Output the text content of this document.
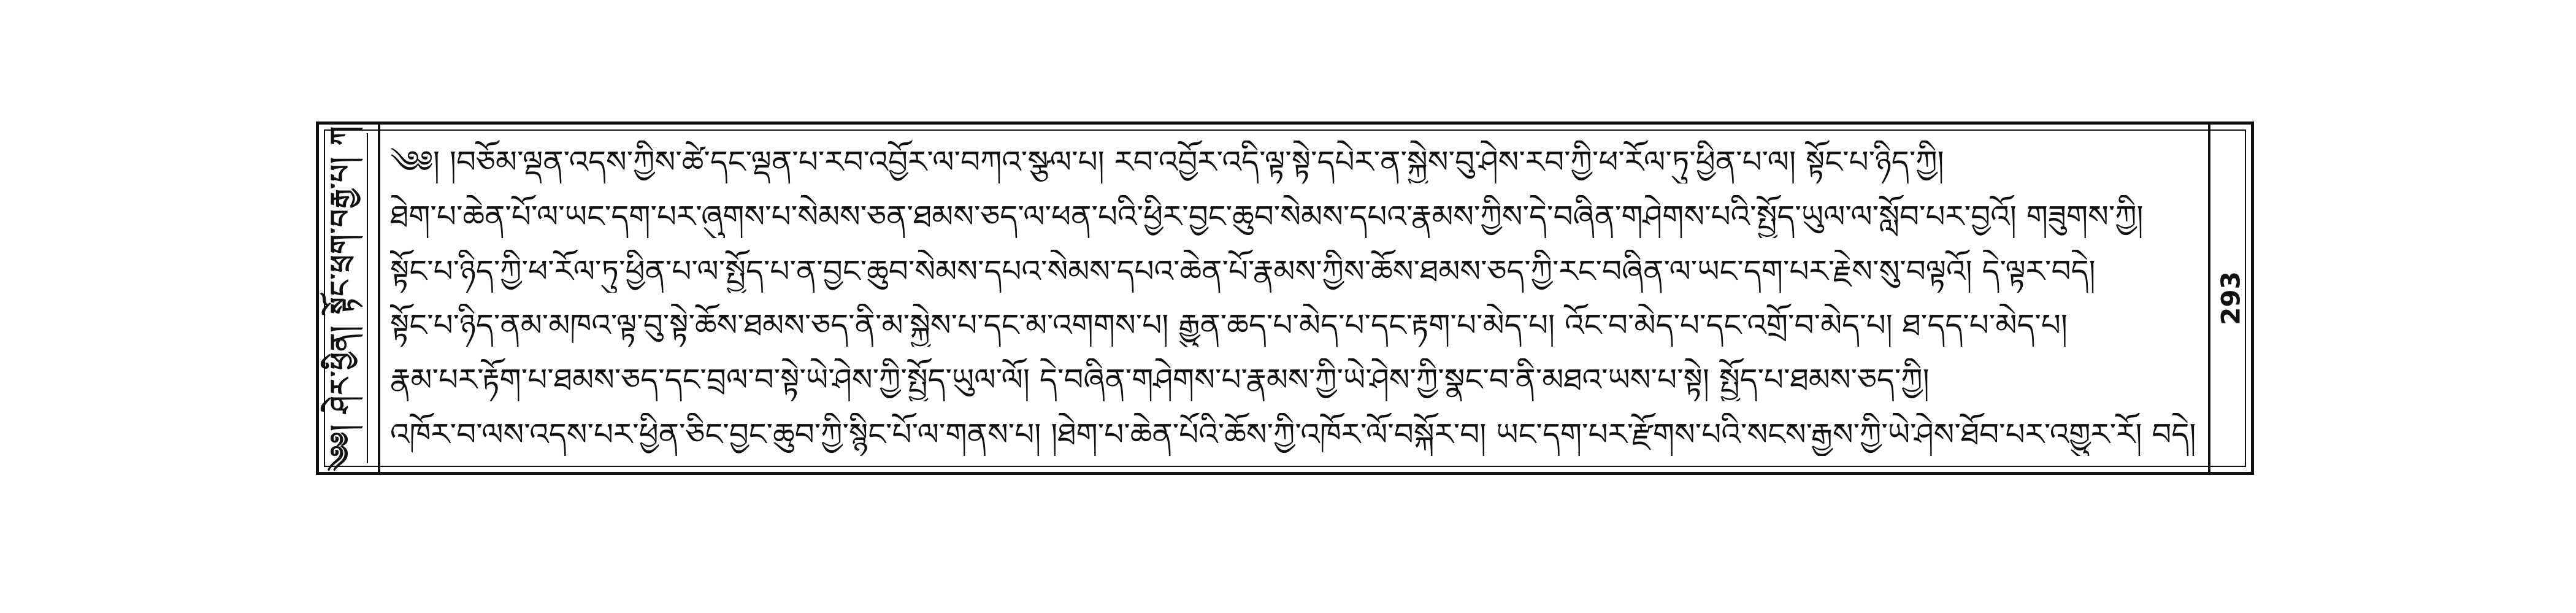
༄༅། ཤེར་ཕྱིན། སྟོང་ཕྲག་བརྒྱ་པ། ཀ	༄༅། །བཅོམ་ལྡན་འདས་ཀྱིས་ཚེ་དང་ལྡན་པ་རབ་འབྱོར་ལ་བཀའ་སྩལ་པ། རབ་འབྱོར་འདི་ལྟ་སྟེ་དཔེར་ན་སྐྱེས་བུ་ཤེས་རབ་ཀྱི་ཕ་རོལ་ཏུ་ཕྱིན་པ་ལ། སྟོང་པ་ཉིད་ཀྱི།
ཐེག་པ་ཆེན་པོ་ལ་ཡང་དག་པར་ཞུགས་པ་སེམས་ཅན་ཐམས་ཅད་ལ་ཕན་པའི་ཕྱིར་བྱང་ཆུབ་སེམས་དཔའ་རྣམས་ཀྱིས་དེ་བཞིན་གཤེགས་པའི་སྤྱོད་ཡུལ་ལ་སློབ་པར་བྱའོ། གཟུགས་ཀྱི།
སྟོང་པ་ཉིད་ཀྱི་ཕ་རོལ་ཏུ་ཕྱིན་པ་ལ་སྤྱོད་པ་ན་བྱང་ཆུབ་སེམས་དཔའ་སེམས་དཔའ་ཆེན་པོ་རྣམས་ཀྱིས་ཆོས་ཐམས་ཅད་ཀྱི་རང་བཞིན་ལ་ཡང་དག་པར་རྗེས་སུ་བལྟའོ། དེ་ལྟར་བདེ།
སྟོང་པ་ཉིད་ནམ་མཁའ་ལྟ་བུ་སྟེ་ཆོས་ཐམས་ཅད་ནི་མ་སྐྱེས་པ་དང་མ་འགགས་པ། རྒྱུན་ཆད་པ་མེད་པ་དང་རྟག་པ་མེད་པ། འོང་བ་མེད་པ་དང་འགྲོ་བ་མེད་པ། ཐ་དད་པ་མེད་པ།
རྣམ་པར་རྟོག་པ་ཐམས་ཅད་དང་བྲལ་བ་སྟེ་ཡེ་ཤེས་ཀྱི་སྤྱོད་ཡུལ་ལོ། དེ་བཞིན་གཤེགས་པ་རྣམས་ཀྱི་ཡེ་ཤེས་ཀྱི་སྣང་བ་ནི་མཐའ་ཡས་པ་སྟེ། སྤྱོད་པ་ཐམས་ཅད་ཀྱི།
འཁོར་བ་ལས་འདས་པར་ཕྱིན་ཅིང་བྱང་ཆུབ་ཀྱི་སྙིང་པོ་ལ་གནས་པ། །ཐེག་པ་ཆེན་པོའི་ཆོས་ཀྱི་འཁོར་ལོ་བསྐོར་བ། ཡང་དག་པར་རྫོགས་པའི་སངས་རྒྱས་ཀྱི་ཡེ་ཤེས་ཐོབ་པར་འགྱུར་རོ། བདེ།
293
